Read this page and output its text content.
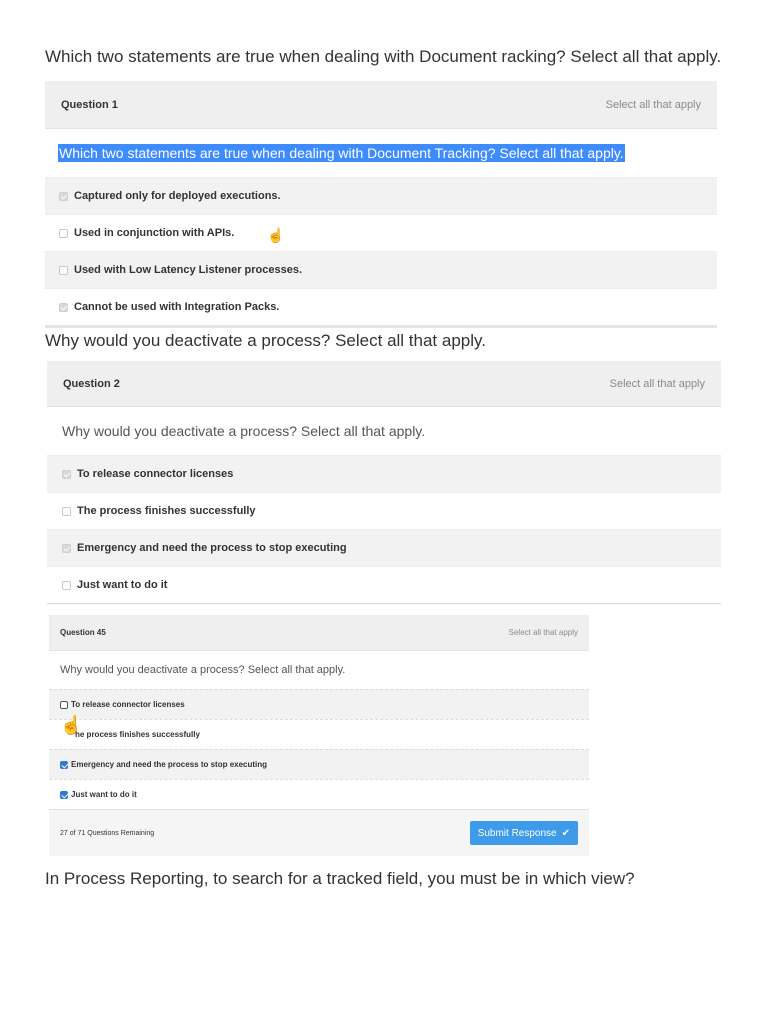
Which two statements are true when dealing with Document racking? Select all that apply.
Question 1	Select all that apply
Which two statements are true when dealing with Document Tracking? Select all that apply.
Captured only for deployed executions.
Used in conjunction with APIs.
Used with Low Latency Listener processes.
Cannot be used with Integration Packs.
☝
Why would you deactivate a process? Select all that apply.
Question 2	Select all that apply
Why would you deactivate a process? Select all that apply.
To release connector licenses
The process finishes successfully
Emergency and need the process to stop executing
Just want to do it
Question 45	Select all that apply
Why would you deactivate a process? Select all that apply.
To release connector licenses
he process finishes successfully
Emergency and need the process to stop executing
Just want to do it
27 of 71 Questions Remaining	Submit Response ✔
☝
In Process Reporting, to search for a tracked field, you must be in which view?
